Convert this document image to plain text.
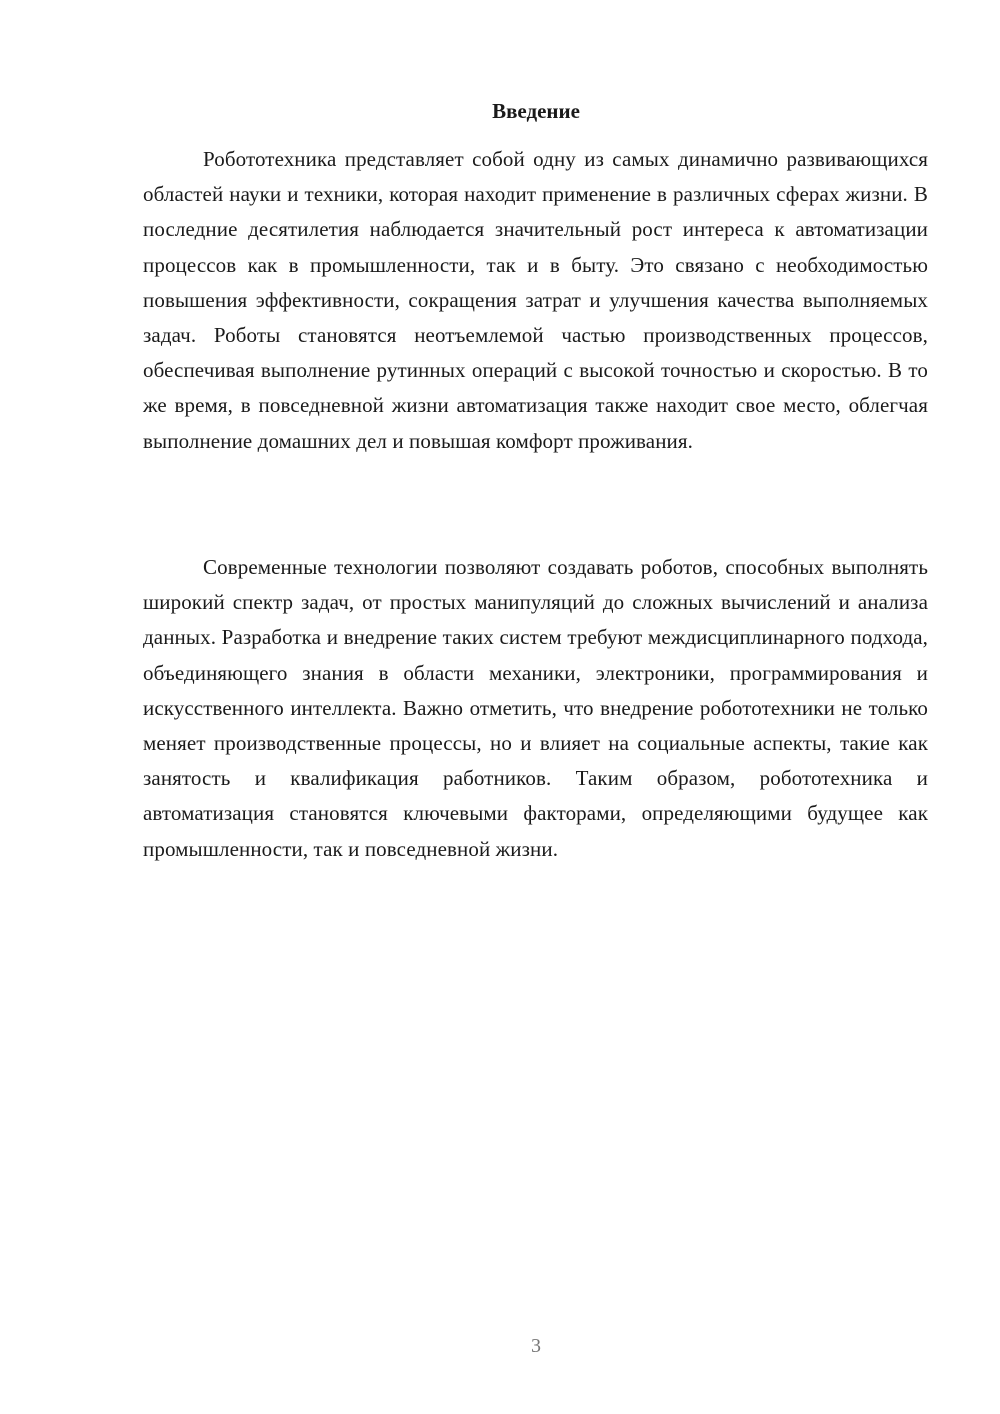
Введение

Робототехника представляет собой одну из самых динамично развивающихся областей науки и техники, которая находит применение в различных сферах жизни. В последние десятилетия наблюдается значительный рост интереса к автоматизации процессов как в промышленности, так и в быту. Это связано с необходимостью повышения эффективности, сокращения затрат и улучшения качества выполняемых задач. Роботы становятся неотъемлемой частью производственных процессов, обеспечивая выполнение рутинных операций с высокой точностью и скоростью. В то же время, в повседневной жизни автоматизация также находит свое место, облегчая выполнение домашних дел и повышая комфорт проживания.

Современные технологии позволяют создавать роботов, способных выполнять широкий спектр задач, от простых манипуляций до сложных вычислений и анализа данных. Разработка и внедрение таких систем требуют междисциплинарного подхода, объединяющего знания в области механики, электроники, программирования и искусственного интеллекта. Важно отметить, что внедрение робототехники не только меняет производственные процессы, но и влияет на социальные аспекты, такие как занятость и квалификация работников. Таким образом, робототехника и автоматизация становятся ключевыми факторами, определяющими будущее как промышленности, так и повседневной жизни.

3
